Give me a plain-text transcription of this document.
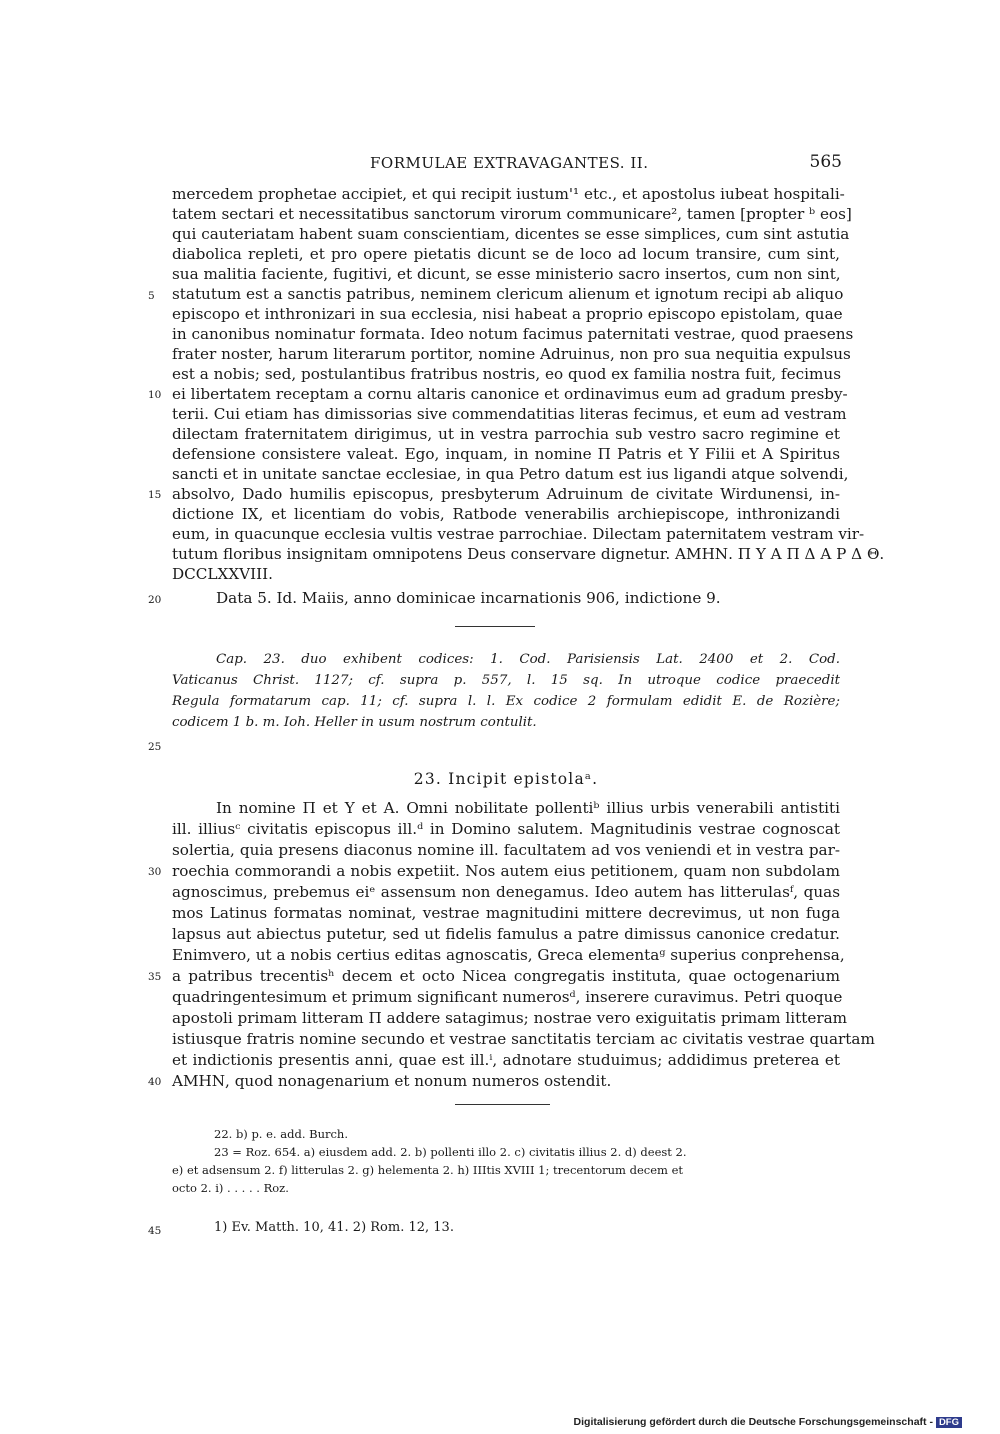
FORMULAE EXTRAVAGANTES. II.	565
mercedem prophetae accipiet, et qui recipit iustum'¹ etc., et apostolus iubeat hospitali-
tatem sectari et necessitatibus sanctorum virorum communicare², tamen [propter ᵇ eos]
qui cauteriatam habent suam conscientiam, dicentes se esse simplices, cum sint astutia
diabolica repleti, et pro opere pietatis dicunt se de loco ad locum transire, cum sint,
sua malitia faciente, fugitivi, et dicunt, se esse ministerio sacro insertos, cum non sint,
statutum est a sanctis patribus, neminem clericum alienum et ignotum recipi ab aliquo
episcopo et inthronizari in sua ecclesia, nisi habeat a proprio episcopo epistolam, quae
in canonibus nominatur formata. Ideo notum facimus paternitati vestrae, quod praesens
frater noster, harum literarum portitor, nomine Adruinus, non pro sua nequitia expulsus
est a nobis; sed, postulantibus fratribus nostris, eo quod ex familia nostra fuit, fecimus
ei libertatem receptam a cornu altaris canonice et ordinavimus eum ad gradum presby-
terii. Cui etiam has dimissorias sive commendatitias literas fecimus, et eum ad vestram
dilectam fraternitatem dirigimus, ut in vestra parrochia sub vestro sacro regimine et
defensione consistere valeat. Ego, inquam, in nomine Π Patris et Υ Filii et Α Spiritus
sancti et in unitate sanctae ecclesiae, in qua Petro datum est ius ligandi atque solvendi,
absolvo, Dado humilis episcopus, presbyterum Adruinum de civitate Wirdunensi, in-
dictione IX, et licentiam do vobis, Ratbode venerabilis archiepiscope, inthronizandi
eum, in quacunque ecclesia vultis vestrae parrochiae. Dilectam paternitatem vestram vir-
tutum floribus insignitam omnipotens Deus conservare dignetur. ΑΜΗΝ. Π Υ Α Π Δ Α Ρ Δ Θ.
DCCLXXVIII.
Data 5. Id. Maiis, anno dominicae incarnationis 906, indictione 9.
Cap. 23. duo exhibent codices: 1. Cod. Parisiensis Lat. 2400 et 2. Cod.
Vaticanus Christ. 1127; cf. supra p. 557, l. 15 sq. In utroque codice praecedit
Regula formatarum cap. 11; cf. supra l. l. Ex codice 2 formulam edidit E. de Rozière;
codicem 1 b. m. Ioh. Heller in usum nostrum contulit.
23. Incipit epistolaᵃ.
In nomine Π et Υ et Α. Omni nobilitate pollentiᵇ illius urbis venerabili antistiti
ill. illiusᶜ civitatis episcopus ill.ᵈ in Domino salutem. Magnitudinis vestrae cognoscat
solertia, quia presens diaconus nomine ill. facultatem ad vos veniendi et in vestra par-
roechia commorandi a nobis expetiit. Nos autem eius petitionem, quam non subdolam
agnoscimus, prebemus eiᵉ assensum non denegamus. Ideo autem has litterulasᶠ, quas
mos Latinus formatas nominat, vestrae magnitudini mittere decrevimus, ut non fuga
lapsus aut abiectus putetur, sed ut fidelis famulus a patre dimissus canonice credatur.
Enimvero, ut a nobis certius editas agnoscatis, Greca elementaᵍ superius conprehensa,
a patribus trecentisʰ decem et octo Nicea congregatis instituta, quae octogenarium
quadringentesimum et primum significant numerosᵈ, inserere curavimus. Petri quoque
apostoli primam litteram Π addere satagimus; nostrae vero exiguitatis primam litteram
istiusque fratris nomine secundo et vestrae sanctitatis terciam ac civitatis vestrae quartam
et indictionis presentis anni, quae est ill.ⁱ, adnotare studuimus; addidimus preterea et
ΑΜΗΝ, quod nonagenarium et nonum numeros ostendit.
5
10
15
20
25
30
35
40
45
22. b) p. e. add. Burch.
23 = Roz. 654. a) eiusdem add. 2. b) pollenti illo 2. c) civitatis illius 2. d) deest 2.
e) et adsensum 2. f) litterulas 2. g) helementa 2. h) IIItis XVIII 1; trecentorum decem et
octo 2. i) . . . . . Roz.
1) Ev. Matth. 10, 41. 2) Rom. 12, 13.
Digitalisierung gefördert durch die Deutsche Forschungsgemeinschaft - DFG
